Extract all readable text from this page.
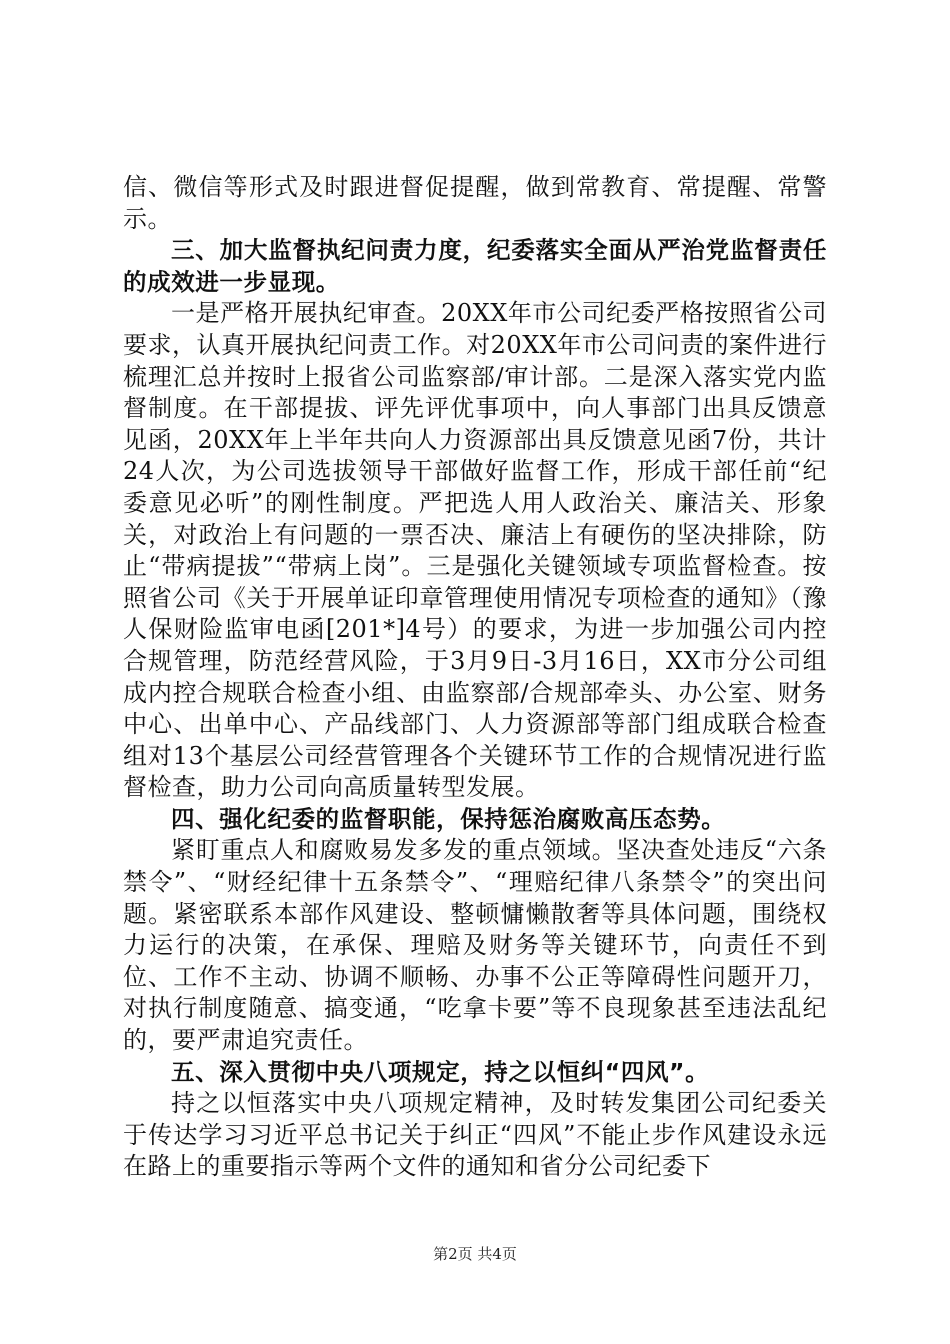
信、微信等形式及时跟进督促提醒，做到常教育、常提醒、常警示。

三、加大监督执纪问责力度，纪委落实全面从严治党监督责任的成效进一步显现。

一是严格开展执纪审查。20XX年市公司纪委严格按照省公司要求，认真开展执纪问责工作。对20XX年市公司问责的案件进行梳理汇总并按时上报省公司监察部/审计部。二是深入落实党内监督制度。在干部提拔、评先评优事项中，向人事部门出具反馈意见函，20XX年上半年共向人力资源部出具反馈意见函7份，共计24人次，为公司选拔领导干部做好监督工作，形成干部任前“纪委意见必听”的刚性制度。严把选人用人政治关、廉洁关、形象关，对政治上有问题的一票否决、廉洁上有硬伤的坚决排除，防止“带病提拔”“带病上岗”。三是强化关键领域专项监督检查。按照省公司《关于开展单证印章管理使用情况专项检查的通知》（豫人保财险监审电函[201*]4号）的要求，为进一步加强公司内控合规管理，防范经营风险，于3月9日-3月16日，XX市分公司组成内控合规联合检查小组、由监察部/合规部牵头、办公室、财务中心、出单中心、产品线部门、人力资源部等部门组成联合检查组对13个基层公司经营管理各个关键环节工作的合规情况进行监督检查，助力公司向高质量转型发展。

四、强化纪委的监督职能，保持惩治腐败高压态势。

紧盯重点人和腐败易发多发的重点领域。坚决查处违反“六条禁令”、“财经纪律十五条禁令”、“理赔纪律八条禁令”的突出问题。紧密联系本部作风建设、整顿慵懒散奢等具体问题，围绕权力运行的决策，在承保、理赔及财务等关键环节，向责任不到位、工作不主动、协调不顺畅、办事不公正等障碍性问题开刀，对执行制度随意、搞变通，“吃拿卡要”等不良现象甚至违法乱纪的，要严肃追究责任。

五、深入贯彻中央八项规定，持之以恒纠“四风”。

持之以恒落实中央八项规定精神，及时转发集团公司纪委关于传达学习习近平总书记关于纠正“四风”不能止步作风建设永远在路上的重要指示等两个文件的通知和省分公司纪委下

第2页 共4页
